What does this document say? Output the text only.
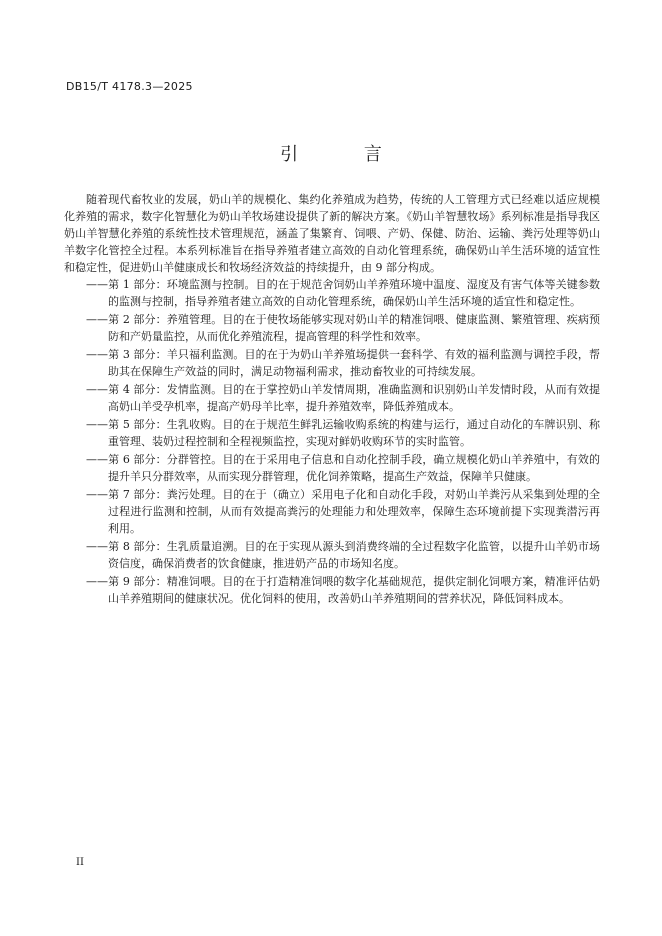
DB15/T 4178.3—2025
引 言

随着现代畜牧业的发展，奶山羊的规模化、集约化养殖成为趋势，传统的人工管理方式已经难以适应规模化养殖的需求，数字化智慧化为奶山羊牧场建设提供了新的解决方案。《奶山羊智慧牧场》系列标准是指导我区奶山羊智慧化养殖的系统性技术管理规范，涵盖了集繁育、饲喂、产奶、保健、防治、运输、粪污处理等奶山羊数字化管控全过程。本系列标准旨在指导养殖者建立高效的自动化管理系统，确保奶山羊生活环境的适宜性和稳定性，促进奶山羊健康成长和牧场经济效益的持续提升，由 9 部分构成。

——第 1 部分：环境监测与控制。目的在于规范舍饲奶山羊养殖环境中温度、湿度及有害气体等关键参数的监测与控制，指导养殖者建立高效的自动化管理系统，确保奶山羊生活环境的适宜性和稳定性。
——第 2 部分：养殖管理。目的在于使牧场能够实现对奶山羊的精准饲喂、健康监测、繁殖管理、疾病预防和产奶量监控，从而优化养殖流程，提高管理的科学性和效率。
——第 3 部分：羊只福利监测。目的在于为奶山羊养殖场提供一套科学、有效的福利监测与调控手段，帮助其在保障生产效益的同时，满足动物福利需求，推动畜牧业的可持续发展。
——第 4 部分：发情监测。目的在于掌控奶山羊发情周期，准确监测和识别奶山羊发情时段，从而有效提高奶山羊受孕机率，提高产奶母羊比率，提升养殖效率，降低养殖成本。
——第 5 部分：生乳收购。目的在于规范生鲜乳运输收购系统的构建与运行，通过自动化的车牌识别、称重管理、装奶过程控制和全程视频监控，实现对鲜奶收购环节的实时监管。
——第 6 部分：分群管控。目的在于采用电子信息和自动化控制手段，确立规模化奶山羊养殖中，有效的提升羊只分群效率，从而实现分群管理，优化饲养策略，提高生产效益，保障羊只健康。
——第 7 部分：粪污处理。目的在于（确立）采用电子化和自动化手段，对奶山羊粪污从采集到处理的全过程进行监测和控制，从而有效提高粪污的处理能力和处理效率，保障生态环境前提下实现粪潜污再利用。
——第 8 部分：生乳质量追溯。目的在于实现从源头到消费终端的全过程数字化监管，以提升山羊奶市场资信度，确保消费者的饮食健康，推进奶产品的市场知名度。
——第 9 部分：精准饲喂。目的在于打造精准饲喂的数字化基础规范，提供定制化饲喂方案，精准评估奶山羊养殖期间的健康状况。优化饲料的使用，改善奶山羊养殖期间的营养状况，降低饲料成本。
II
